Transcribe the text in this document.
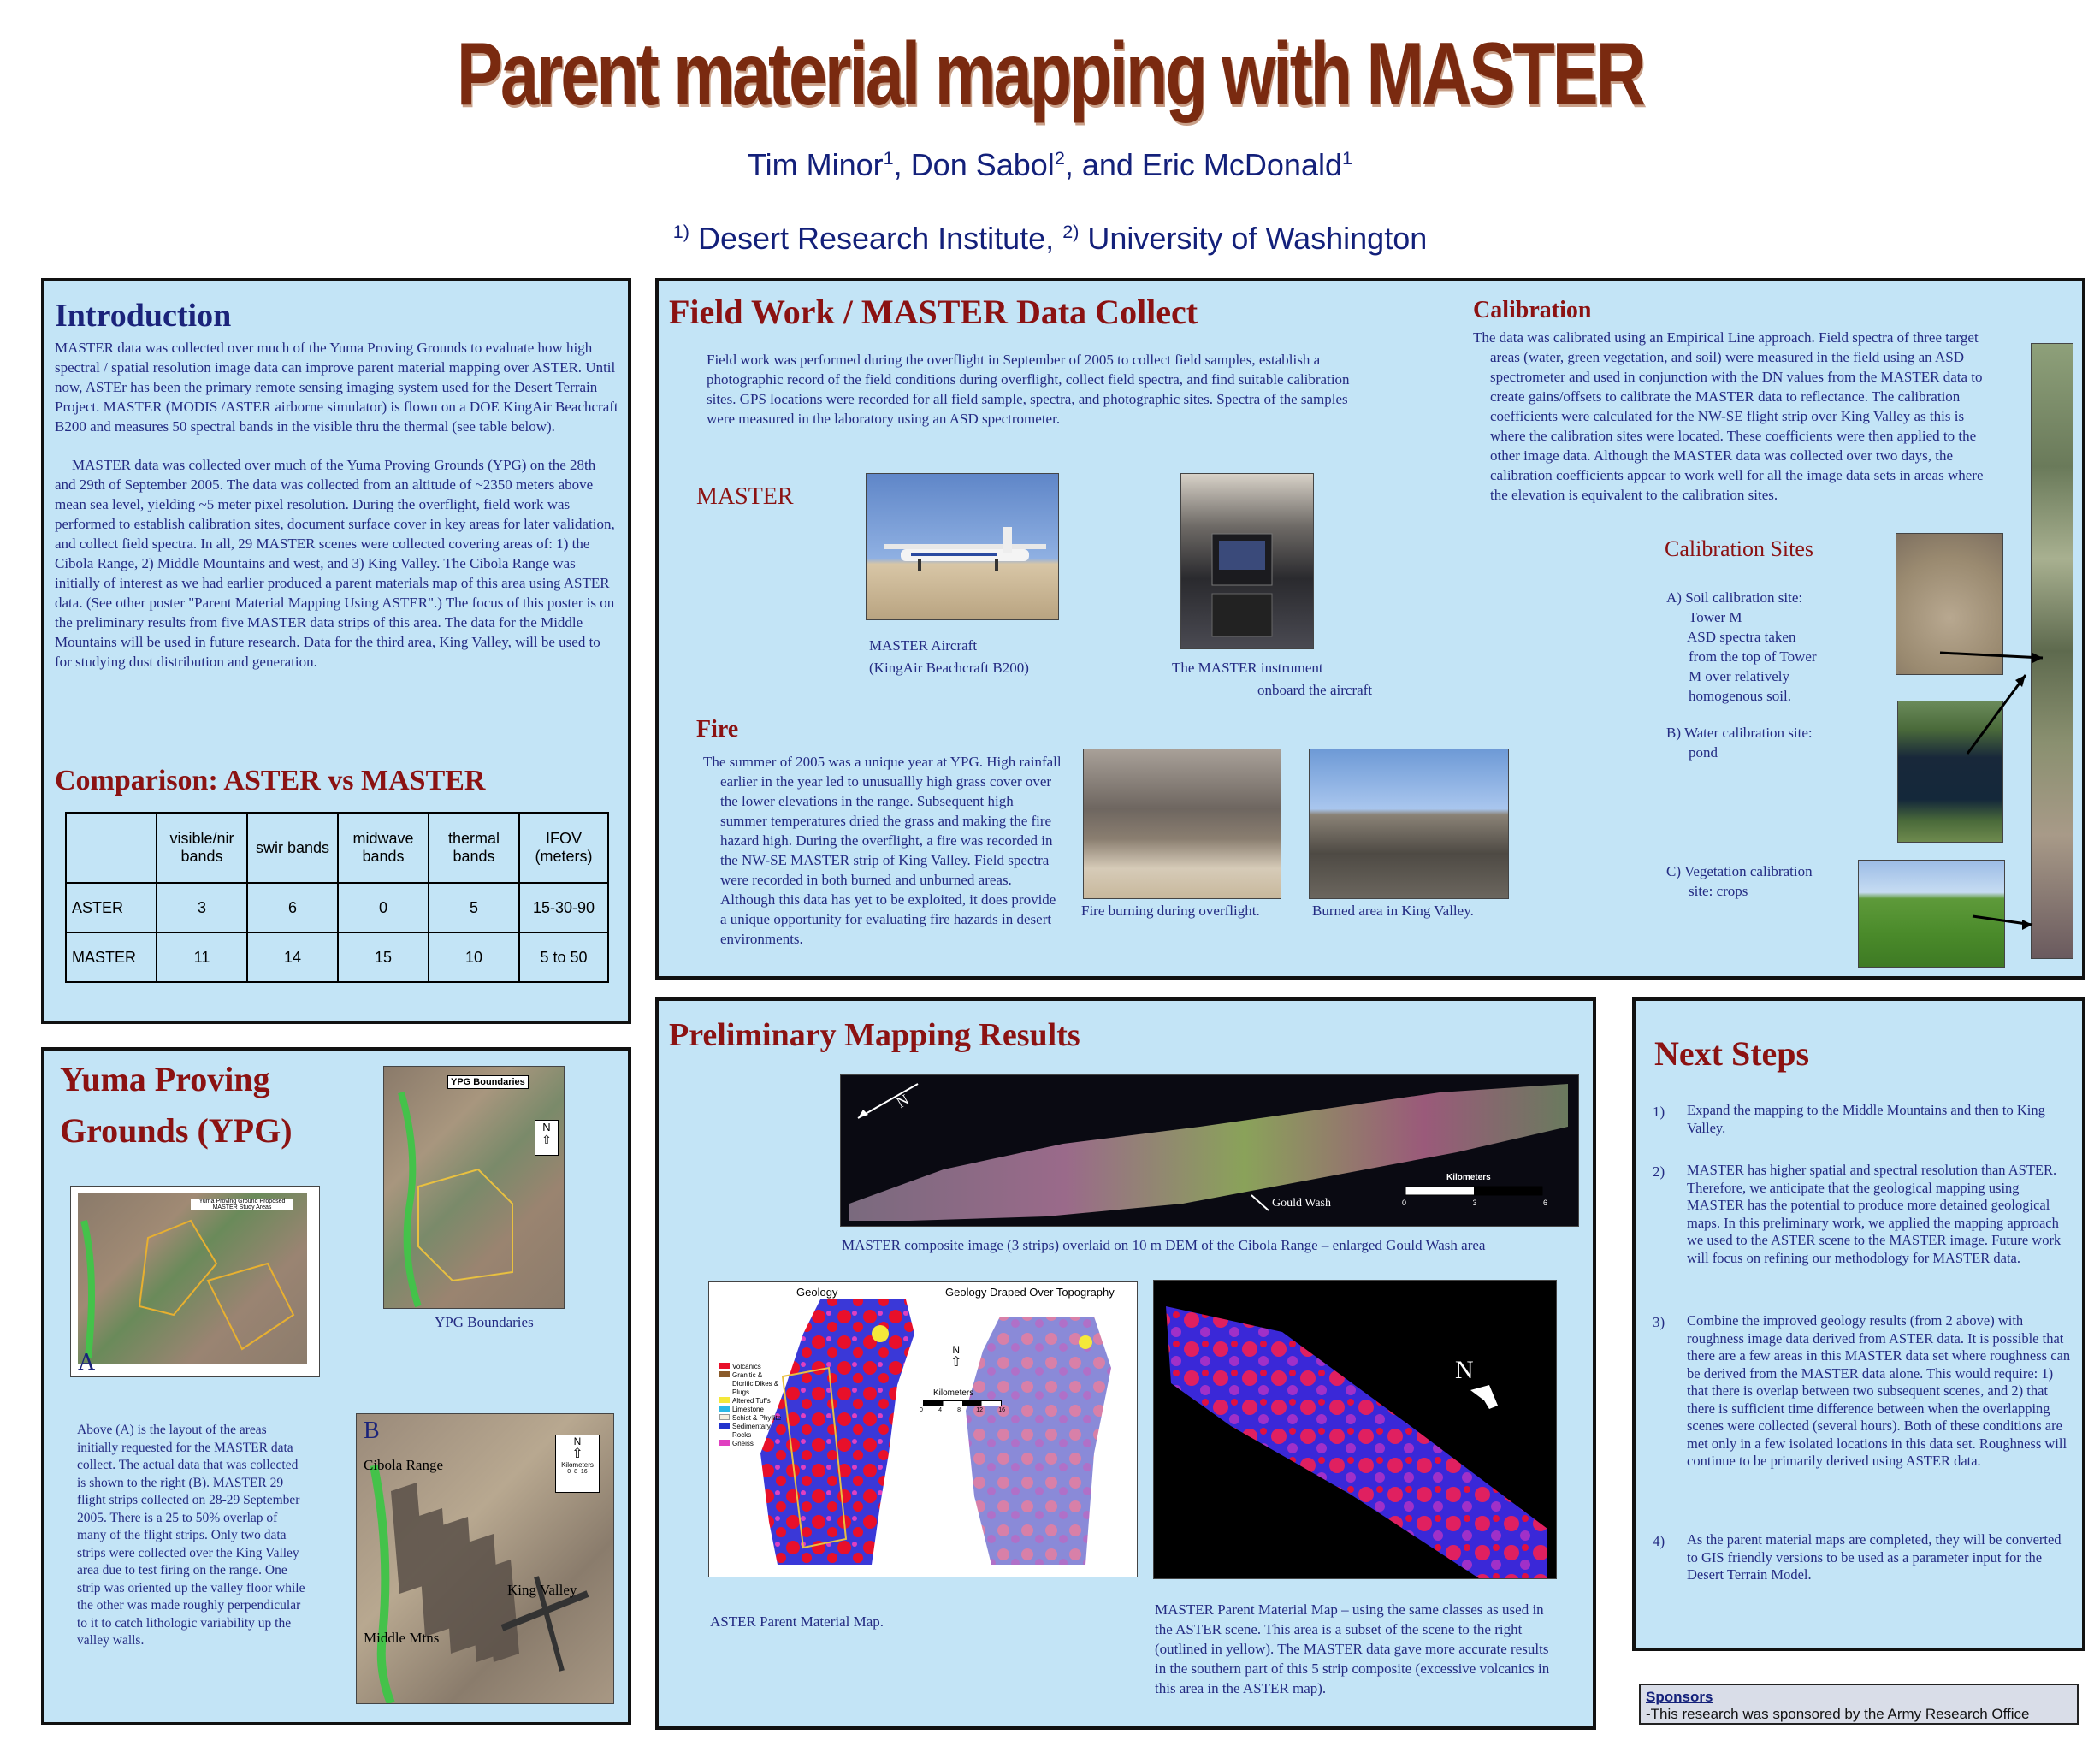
Parent material mapping with MASTER
Tim Minor$^1$, Don Sabol$^2$, and Eric McDonald$^1$
$^{1)}$ Desert Research Institute, $^{2)}$ University of Washington
Introduction
MASTER data was collected over much of the Yuma Proving Grounds to evaluate how high spectral / spatial resolution image data can improve parent material mapping over ASTER. Until now, ASTEr has been the primary remote sensing imaging system used for the Desert Terrain Project. MASTER (MODIS /ASTER airborne simulator) is flown on a DOE KingAir Beachcraft B200 and measures 50 spectral bands in the visible thru the thermal (see table below).
MASTER data was collected over much of the Yuma Proving Grounds (YPG) on the 28th and 29th of September 2005. The data was collected from an altitude of ~2350 meters above mean sea level, yielding ~5 meter pixel resolution. During the overflight, field work was performed to establish calibration sites, document surface cover in key areas for later validation, and collect field spectra. In all, 29 MASTER scenes were collected covering areas of: 1) the Cibola Range, 2) Middle Mountains and west, and 3) King Valley. The Cibola Range was initially of interest as we had earlier produced a parent materials map of this area using ASTER data. (See other poster "Parent Material Mapping Using ASTER".) The focus of this poster is on the preliminary results from five MASTER data strips of this area. The data for the Middle Mountains will be used in future research. Data for the third area, King Valley, will be used to for studying dust distribution and generation.
Comparison: ASTER vs MASTER
	visible/nir bands	swir bands	midwave bands	thermal bands	IFOV (meters)
ASTER	3	6	0	5	15-30-90
MASTER	11	14	15	10	5 to 50
Field Work / MASTER Data Collect
Field work was performed during the overflight in September of 2005 to collect field samples, establish a photographic record of the field conditions during overflight, collect field spectra, and find suitable calibration sites. GPS locations were recorded for all field sample, spectra, and photographic sites. Spectra of the samples were measured in the laboratory using an ASD spectrometer.
MASTER
MASTER Aircraft
(KingAir Beachcraft B200)	The MASTER instrument
onboard the aircraft
Fire
The summer of 2005 was a unique year at YPG. High rainfall earlier in the year led to unusuallly high grass cover over the lower elevations in the range. Subsequent high summer temperatures dried the grass and making the fire hazard high. During the overflight, a fire was recorded in the NW-SE MASTER strip of King Valley. Field spectra were recorded in both burned and unburned areas. Although this data has yet to be exploited, it does provide a unique opportunity for evaluating fire hazards in desert environments.
Fire burning during overflight.	Burned area in King Valley.
Calibration
The data was calibrated using an Empirical Line approach. Field spectra of three target areas (water, green vegetation, and soil) were measured in the field using an ASD spectrometer and used in conjunction with the DN values from the MASTER data to create gains/offsets to calibrate the MASTER data to reflectance. The calibration coefficients were calculated for the NW-SE flight strip over King Valley as this is where the calibration sites were located. These coefficients were then applied to the other image data. Although the MASTER data was collected over two days, the calibration coefficients appear to work well for all the image data sets in areas where the elevation is equivalent to the calibration sites.
Calibration Sites
A) Soil calibration site:
Tower M
ASD spectra taken
from the top of Tower
M over relatively
homogenous soil.
B) Water calibration site:
pond
C) Vegetation calibration
site: crops
Yuma Proving
Grounds (YPG)
YPG Boundaries
N
⇧
YPG Boundaries
Yuma Proving Ground Proposed
MASTER Study Areas
A
B
Cibola Range
King Valley
Middle Mtns
N
⇧
Kilometers
0 8 16
Above (A) is the layout of the areas initially requested for the MASTER data collect. The actual data that was collected is shown to the right (B). MASTER 29 flight strips collected on 28-29 September 2005. There is a 25 to 50% overlap of many of the flight strips. Only two data strips were collected over the King Valley area due to test firing on the range. One strip was oriented up the valley floor while the other was made roughly perpendicular to it to catch lithologic variability up the valley walls.
Preliminary Mapping Results
N
Gould Wash
Kilometers
0	3	6
MASTER composite image (3 strips) overlaid on 10 m DEM of the Cibola Range – enlarged Gould Wash area
Geology	Geology Draped Over Topography
Volcanics
Granitic & Dioritic Dikes & Plugs
Altered Tuffs
Limestone
Schist & Phyllite
Sedimentary Rocks
Gneiss
N
⇧
Kilometers
0	4	8	12	16
ASTER Parent Material Map.
N
MASTER Parent Material Map – using the same classes as used in the ASTER scene. This area is a subset of the scene to the right (outlined in yellow). The MASTER data gave more accurate results in the southern part of this 5 strip composite (excessive volcanics in this area in the ASTER map).
Next Steps
1) Expand the mapping to the Middle Mountains and then to King Valley.
2) MASTER has higher spatial and spectral resolution than ASTER. Therefore, we anticipate that the geological mapping using MASTER has the potential to produce more detained geological maps. In this preliminary work, we applied the mapping approach we used to the ASTER scene to the MASTER image. Future work will focus on refining our methodology for MASTER data.
3) Combine the improved geology results (from 2 above) with roughness image data derived from ASTER data. It is possible that there are a few areas in this MASTER data set where roughness can be derived from the MASTER data alone. This would require: 1) that there is overlap between two subsequent scenes, and 2) that there is sufficient time difference between when the overlapping scenes were collected (several hours). Both of these conditions are met only in a few isolated locations in this data set. Roughness will continue to be primarily derived using ASTER data.
4) As the parent material maps are completed, they will be converted to GIS friendly versions to be used as a parameter input for the Desert Terrain Model.
Sponsors
-This research was sponsored by the Army Research Office
